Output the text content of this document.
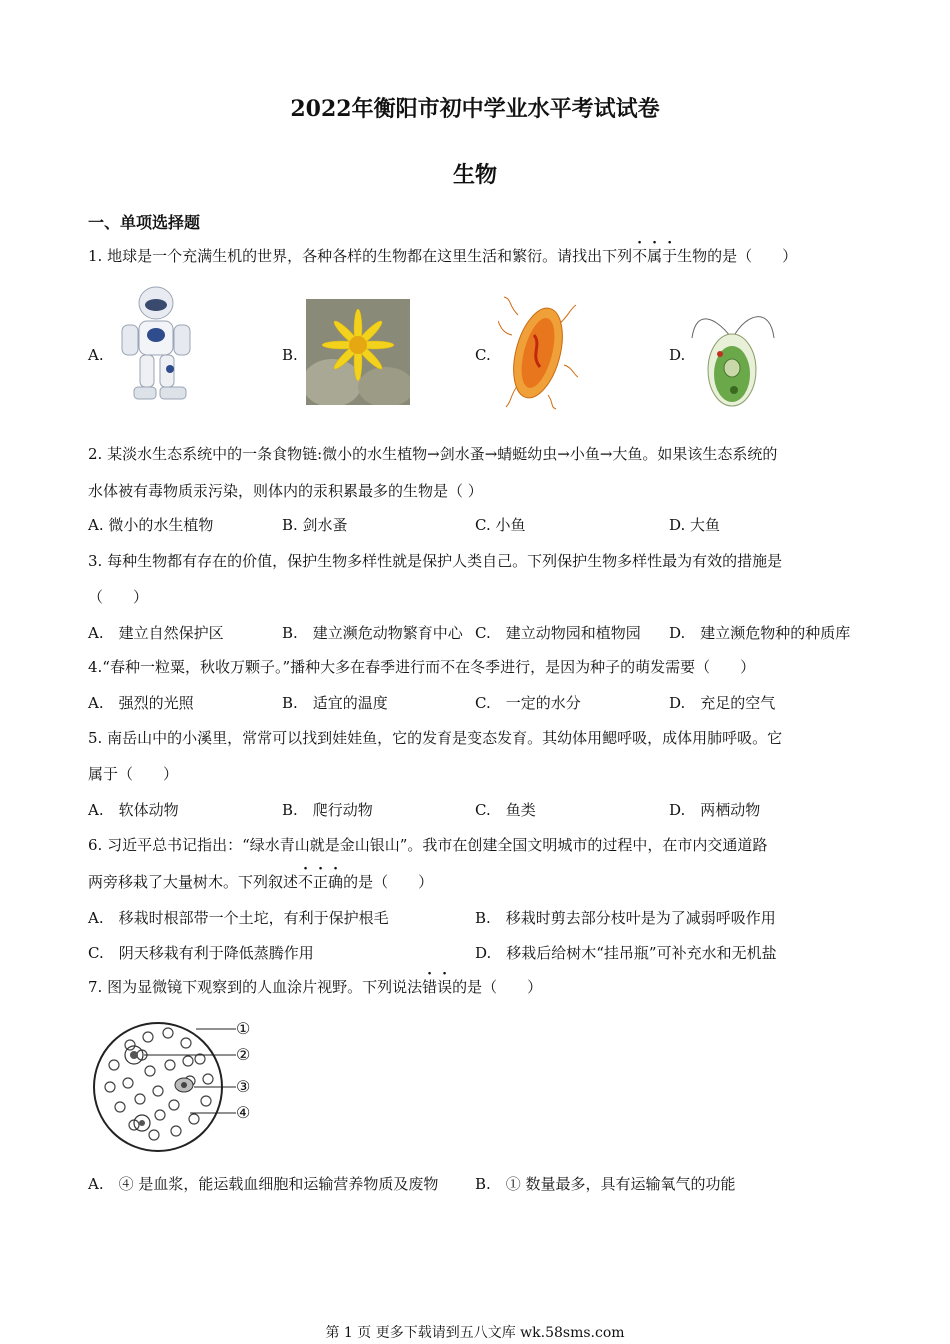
2022年衡阳市初中学业水平考试试卷
生物
一、单项选择题
1. 地球是一个充满生机的世界，各种各样的生物都在这里生活和繁衍。请找出下列不属于生物的是（　　）
A.	B.	C.	D.
2. 某淡水生态系统中的一条食物链:微小的水生植物→剑水蚤→蜻蜓幼虫→小鱼→大鱼。如果该生态系统的
水体被有毒物质汞污染，则体内的汞积累最多的生物是（ ）
A. 微小的水生植物	B. 剑水蚤	C. 小鱼	D. 大鱼
3. 每种生物都有存在的价值，保护生物多样性就是保护人类自己。下列保护生物多样性最为有效的措施是
（　　）
A.　建立自然保护区	B.　建立濒危动物繁育中心 C.　建立动物园和植物园 D.　建立濒危物种的种质库
4.“春种一粒粟，秋收万颗子。”播种大多在春季进行而不在冬季进行，是因为种子的萌发需要（　　）
A.　强烈的光照	B.　适宜的温度	C.　一定的水分	D.　充足的空气
5. 南岳山中的小溪里，常常可以找到娃娃鱼，它的发育是变态发育。其幼体用鳃呼吸，成体用肺呼吸。它
属于（　　）
A.　软体动物	B.　爬行动物	C.　鱼类	D.　两栖动物
6. 习近平总书记指出：“绿水青山就是金山银山”。我市在创建全国文明城市的过程中，在市内交通道路
两旁移栽了大量树木。下列叙述不正确的是（　　）
A.　移栽时根部带一个土坨，有利于保护根毛	B.　移栽时剪去部分枝叶是为了减弱呼吸作用
C.　阴天移栽有利于降低蒸腾作用	D.　移栽后给树木“挂吊瓶”可补充水和无机盐
7. 图为显微镜下观察到的人血涂片视野。下列说法错误的是（　　）
①
②
③
④
A.　④ 是血浆，能运载血细胞和运输营养物质及废物 B.　① 数量最多，具有运输氧气的功能
第 1 页 更多下载请到五八文库 wk.58sms.com
